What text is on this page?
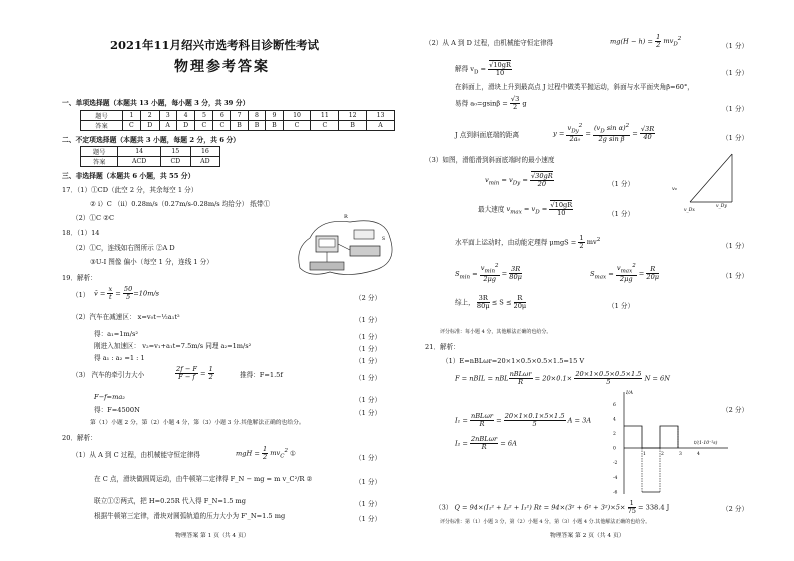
2021年11月绍兴市选考科目诊断性考试
物理参考答案
一、单项选择题（本题共 13 小题，每小题 3 分，共 39 分）
题号	1	2	3	4	5	6	7	8	9	10	11	12	13
答案	C	D	A	D	C	C	B	B	B	C	C	B	A
二、不定项选择题（本题共 3 小题，每题 2 分，共 6 分）
题号	14	15	16
答案	ACD	CD	AD
三、非选择题（本题共 6 小题，共 55 分）
17．（1）①CD（此空 2 分，其余每空 1 分）
② ⅰ）C （ⅱ）0.28m/s（0.27m/s-0.28m/s 均给分） 纸带①
（2）①C ②C
18．（1）14
（2）①C，连线如右图所示 ②A D
③U-I 图像 偏小（每空 1 分，连线 1 分）
R
S
19．解析：
（1） v̄ = $\frac{x}{t} = \frac{50}{5} =10m/s$
（2 分）
（2）汽车在减速区： x=v₀t−½a₁t²	（1 分）
得：a₁=1m/s²	（1 分）
刚进入加速区： v₂=v₁+a₁t=7.5m/s 同理 a₂=1m/s²	（1 分）
得 a₁ : a₂ =1 : 1	（1 分）
（3） 汽车的牵引力大小	$\frac{2f - F}{F - f} = \frac{1}{2}$	推得：F=1.5f	（1 分）
F−f=ma₂	（1 分）
得：F=4500N	（1 分）
第（1）小题 2 分，第（2）小题 4 分，第（3）小题 3 分.其他解法正确的也给分。
20．解析：
（1）从 A 到 C 过程，由机械能守恒定律得	mgH = $\frac{1}{2} mv_C^2$ ①
（1 分）
在 C 点，滑块做圆周运动，由牛顿第二定律得 F_N − mg = m v_C²/R ②	（1 分）
联立①②两式，把 H=0.25R 代入得 F_N=1.5 mg	（1 分）
根据牛顿第三定律，滑块对圆弧轨道的压力大小为 F'_N=1.5 mg	（1 分）
物理答案 第 1 页（共 4 页）
（2）从 A 到 D 过程，由机械能守恒定律得	$mg(H - h) = \frac{1}{2} mv_D^2$
（1 分）
解得 $v_D = \frac{√10gR}{10}$	（1 分）
在斜面上，滑块上升到最高点 J 过程中做类平抛运动，斜面与水平面夹角β=60°，
易得 $a_0=gsin\beta = \frac{√3}{2}$ g
（1 分）
J 点到斜面底端的距离	$y = \frac{v_{Dy}^2}{\text{2a₀}} = \frac{(v_D \sin \alpha)^2}{\text{2g sin β}} = \frac{√3R}{40}$	（1 分）
（3）如图，滑船滑到斜面底端时的最小速度
$v_{min} = v_{Dy} = \frac{√30gR}{20}$	（1 分）
最大速度 $v_{max} = v_D = \frac{√10gR}{10}$	（1 分）
v₀
v_Dx
v_Dy
水平面上运动时，由动能定理得 $\mu mgS = \frac{1}{2} mv^2$
（1 分）
$S_{min} = \frac{v_{min}^2}{2\mu g} = \frac{3R}{80\mu}$	$S_{max} = \frac{v_{max}^2}{2\mu g} = \frac{R}{20\mu}$	（1 分）
综上， $\frac{3R}{80\mu} \le S \le \frac{R}{20\mu}$	（1 分）
评分标准：每小题 4 分，其他解法正确的也给分。
21．解析：
（1）E=nBLωr=20×1×0.5×0.5×1.5=15 V
F = nBIL = nBL $\frac{\text{nBLωr}}{R} = 20\times 0.1\times \frac{20\times 1\times 0.5\times 0.5\times 1.5}{5}$ N = 6N
（2 分）
$I_1 = \frac{\text{nBLωr}}{R} = \frac{20\times 1\times 0.1\times 5\times 1.5}{5}$ A = 3A
$I_2 = \frac{\text{2nBLωr}}{R} = 6A$
I/A
t/(1·10⁻²s)
6
4
2
0
-2
-4
-6
1	2	3	4
（3） Q = 94×(I₁² + I₂² + I₁²) $Rt = 94\times(3^2 + 6^2 + 3^2)\times 5\times \frac{1}{75} = 338.4$ J	（2 分）
评分标准：第（1）小题 3 分，第（2）小题 4 分，第（3）小题 4 分.其他解法正确的也给分。
物理答案 第 2 页（共 4 页）
